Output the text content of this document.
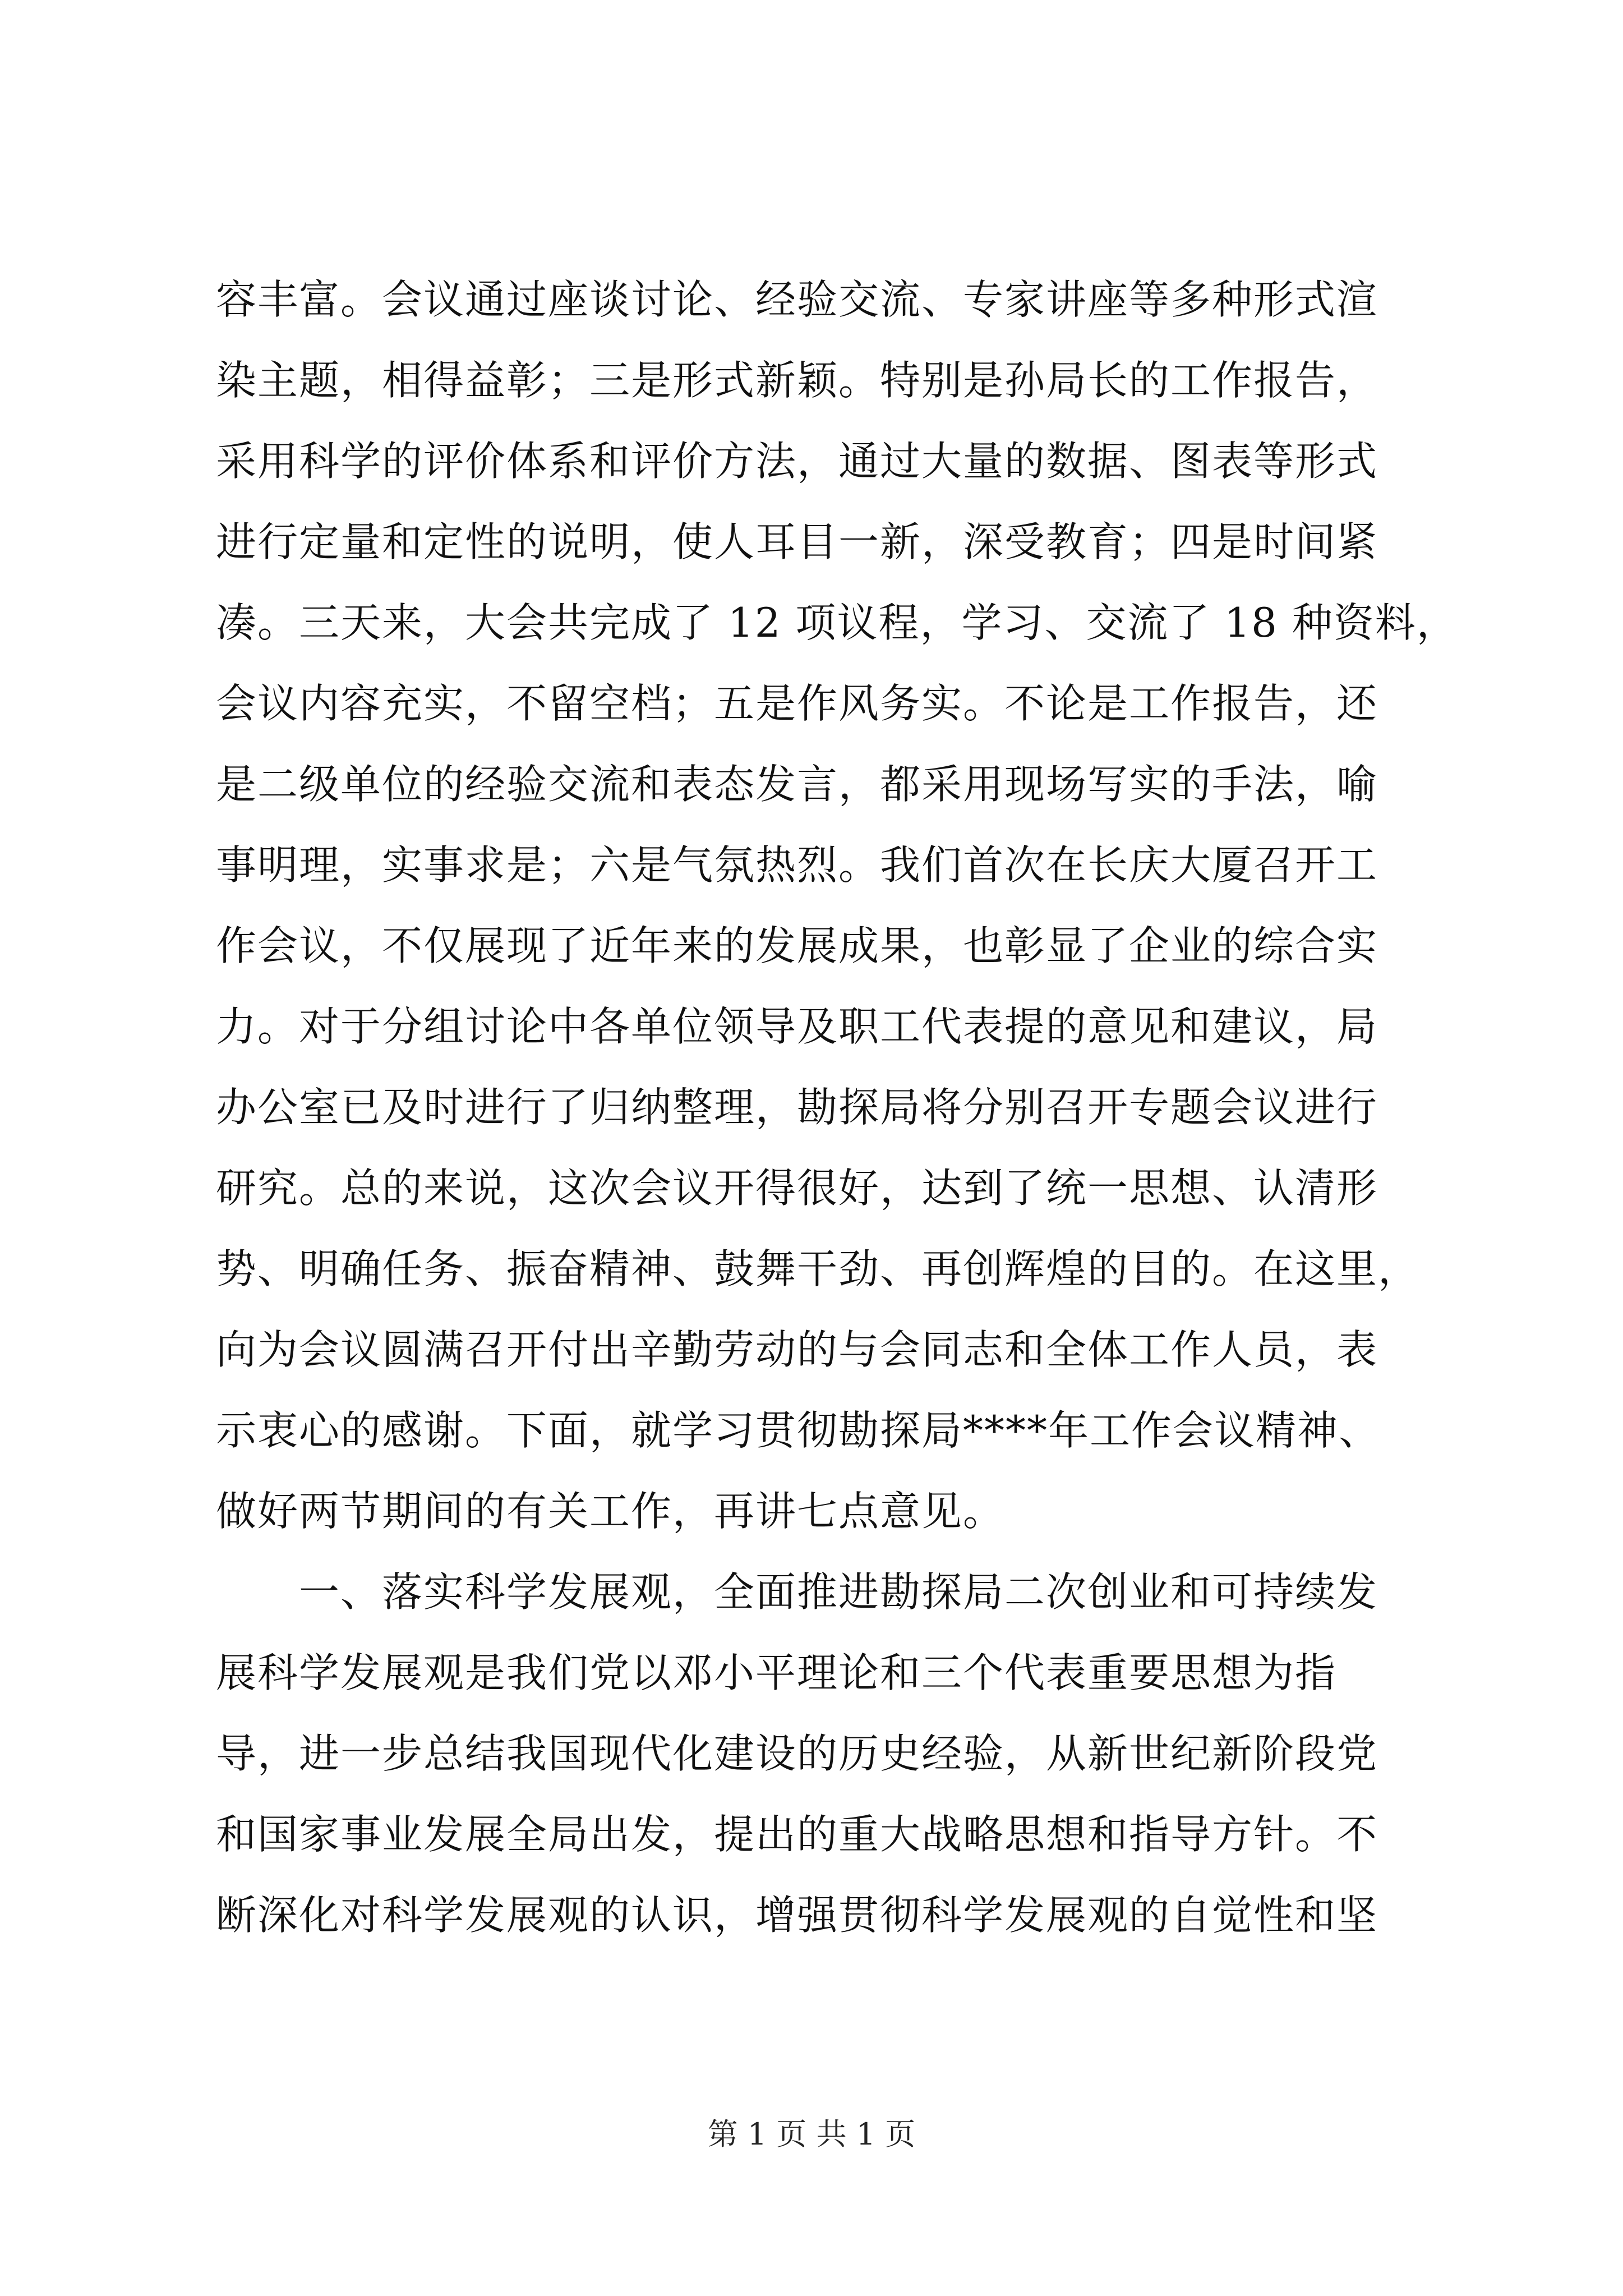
容丰富。会议通过座谈讨论、经验交流、专家讲座等多种形式渲
染主题，相得益彰；三是形式新颖。特别是孙局长的工作报告，
采用科学的评价体系和评价方法，通过大量的数据、图表等形式
进行定量和定性的说明，使人耳目一新，深受教育；四是时间紧
凑。三天来，大会共完成了 12 项议程，学习、交流了 18 种资料，
会议内容充实，不留空档；五是作风务实。不论是工作报告，还
是二级单位的经验交流和表态发言，都采用现场写实的手法，喻
事明理，实事求是；六是气氛热烈。我们首次在长庆大厦召开工
作会议，不仅展现了近年来的发展成果，也彰显了企业的综合实
力。对于分组讨论中各单位领导及职工代表提的意见和建议，局
办公室已及时进行了归纳整理，勘探局将分别召开专题会议进行
研究。总的来说，这次会议开得很好，达到了统一思想、认清形
势、明确任务、振奋精神、鼓舞干劲、再创辉煌的目的。在这里，
向为会议圆满召开付出辛勤劳动的与会同志和全体工作人员，表
示衷心的感谢。下面，就学习贯彻勘探局****年工作会议精神、
做好两节期间的有关工作，再讲七点意见。
　　一、落实科学发展观，全面推进勘探局二次创业和可持续发
展科学发展观是我们党以邓小平理论和三个代表重要思想为指
导，进一步总结我国现代化建设的历史经验，从新世纪新阶段党
和国家事业发展全局出发，提出的重大战略思想和指导方针。不
断深化对科学发展观的认识，增强贯彻科学发展观的自觉性和坚
第 1 页 共 1 页
